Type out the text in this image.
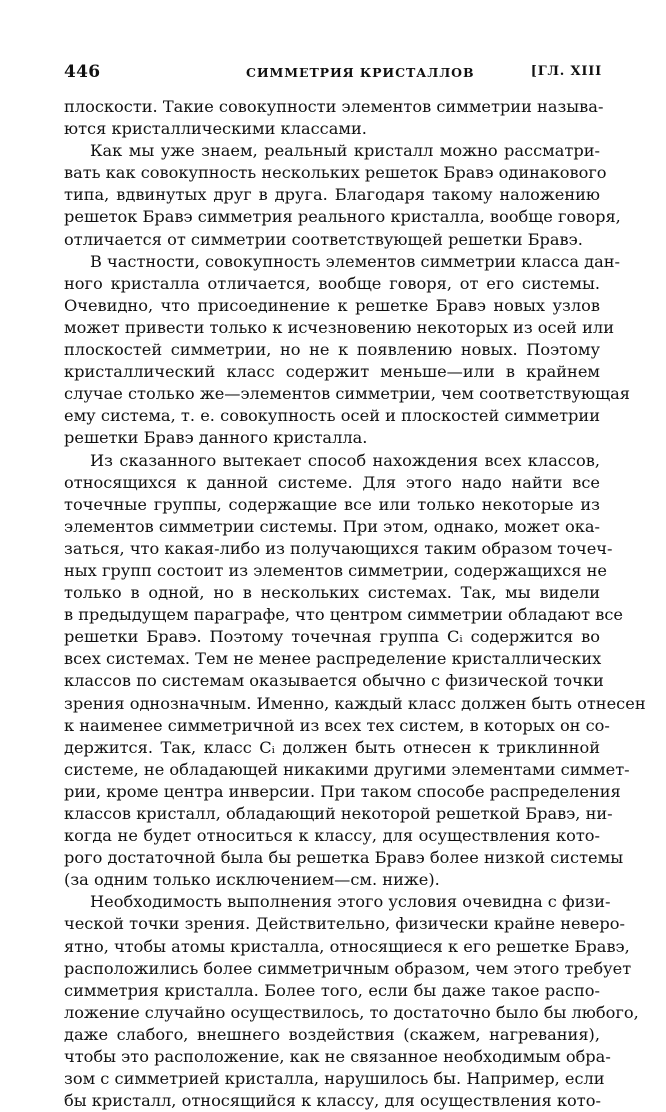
446	СИММЕТРИЯ КРИСТАЛЛОВ	[ГЛ. XIII
плоскости. Такие совокупности элементов симметрии называ-
ются кристаллическими классами.
Как мы уже знаем, реальный кристалл можно рассматри-
вать как совокупность нескольких решеток Бравэ одинакового
типа, вдвинутых друг в друга. Благодаря такому наложению
решеток Бравэ симметрия реального кристалла, вообще говоря,
отличается от симметрии соответствующей решетки Бравэ.
В частности, совокупность элементов симметрии класса дан-
ного кристалла отличается, вообще говоря, от его системы.
Очевидно, что присоединение к решетке Бравэ новых узлов
может привести только к исчезновению некоторых из осей или
плоскостей симметрии, но не к появлению новых. Поэтому
кристаллический класс содержит меньше—или в крайнем
случае столько же—элементов симметрии, чем соответствующая
ему система, т. е. совокупность осей и плоскостей симметрии
решетки Бравэ данного кристалла.
Из сказанного вытекает способ нахождения всех классов,
относящихся к данной системе. Для этого надо найти все
точечные группы, содержащие все или только некоторые из
элементов симметрии системы. При этом, однако, может ока-
заться, что какая-либо из получающихся таким образом точеч-
ных групп состоит из элементов симметрии, содержащихся не
только в одной, но в нескольких системах. Так, мы видели
в предыдущем параграфе, что центром симметрии обладают все
решетки Бравэ. Поэтому точечная группа Cᵢ содержится во
всех системах. Тем не менее распределение кристаллических
классов по системам оказывается обычно с физической точки
зрения однозначным. Именно, каждый класс должен быть отнесен
к наименее симметричной из всех тех систем, в которых он со-
держится. Так, класс Cᵢ должен быть отнесен к триклинной
системе, не обладающей никакими другими элементами симмет-
рии, кроме центра инверсии. При таком способе распределения
классов кристалл, обладающий некоторой решеткой Бравэ, ни-
когда не будет относиться к классу, для осуществления кото-
рого достаточной была бы решетка Бравэ более низкой системы
(за одним только исключением—см. ниже).
Необходимость выполнения этого условия очевидна с физи-
ческой точки зрения. Действительно, физически крайне неверо-
ятно, чтобы атомы кристалла, относящиеся к его решетке Бравэ,
расположились более симметричным образом, чем этого требует
симметрия кристалла. Более того, если бы даже такое распо-
ложение случайно осуществилось, то достаточно было бы любого,
даже слабого, внешнего воздействия (скажем, нагревания),
чтобы это расположение, как не связанное необходимым обра-
зом с симметрией кристалла, нарушилось бы. Например, если
бы кристалл, относящийся к классу, для осуществления кото-
